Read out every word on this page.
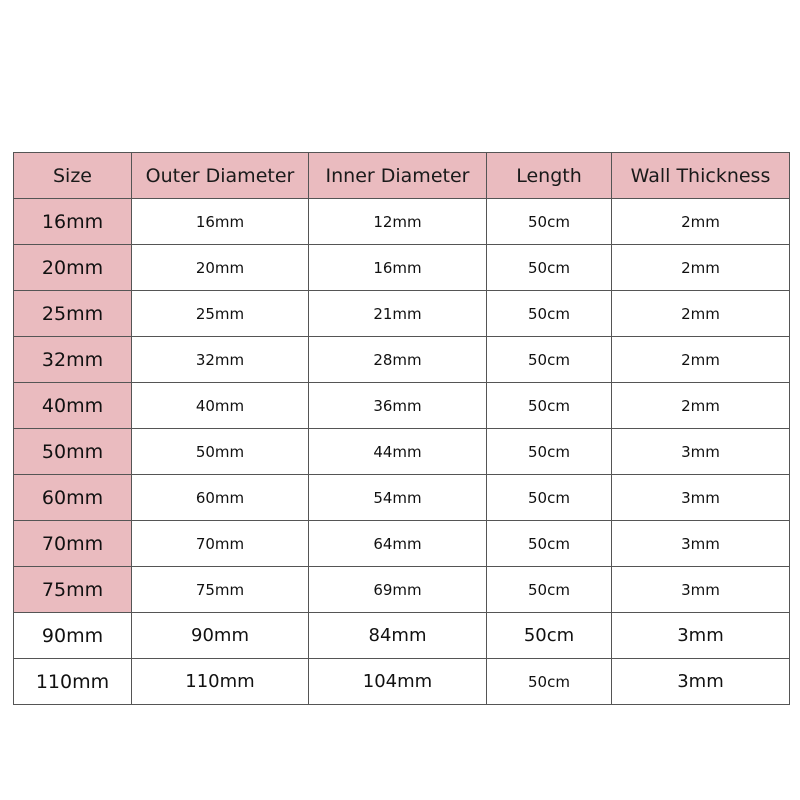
Size	Outer Diameter	Inner Diameter	Length	Wall Thickness
16mm	16mm	12mm	50cm	2mm
20mm	20mm	16mm	50cm	2mm
25mm	25mm	21mm	50cm	2mm
32mm	32mm	28mm	50cm	2mm
40mm	40mm	36mm	50cm	2mm
50mm	50mm	44mm	50cm	3mm
60mm	60mm	54mm	50cm	3mm
70mm	70mm	64mm	50cm	3mm
75mm	75mm	69mm	50cm	3mm
90mm	90mm	84mm	50cm	3mm
110mm	110mm	104mm	50cm	3mm
